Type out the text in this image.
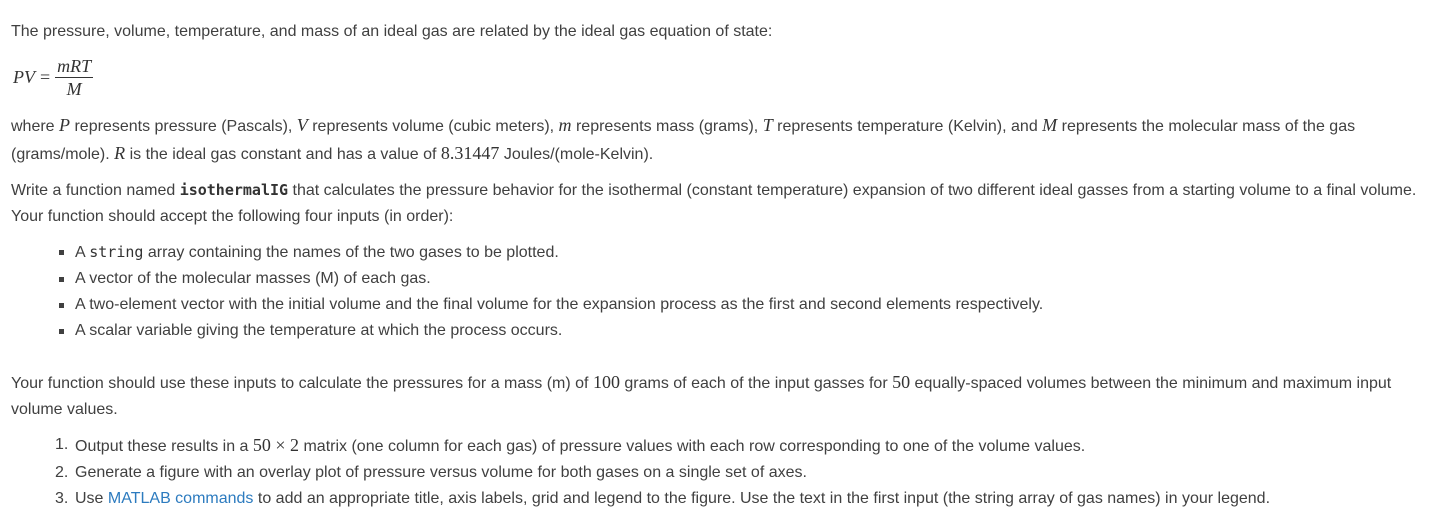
The pressure, volume, temperature, and mass of an ideal gas are related by the ideal gas equation of state:

PV = $\frac{\text{mRT}}{M}$

where P represents pressure (Pascals), V represents volume (cubic meters), m represents mass (grams), T represents temperature (Kelvin), and M represents the molecular mass of the gas (grams/mole). R is the ideal gas constant and has a value of 8.31447 Joules/(mole-Kelvin).

Write a function named isothermalIG that calculates the pressure behavior for the isothermal (constant temperature) expansion of two different ideal gasses from a starting volume to a final volume. Your function should accept the following four inputs (in order):

A string array containing the names of the two gases to be plotted.
A vector of the molecular masses (M) of each gas.
A two-element vector with the initial volume and the final volume for the expansion process as the first and second elements respectively.
A scalar variable giving the temperature at which the process occurs.

Your function should use these inputs to calculate the pressures for a mass (m) of 100 grams of each of the input gasses for 50 equally-spaced volumes between the minimum and maximum input volume values.

1. Output these results in a 50 × 2 matrix (one column for each gas) of pressure values with each row corresponding to one of the volume values.
2. Generate a figure with an overlay plot of pressure versus volume for both gases on a single set of axes.
3. Use MATLAB commands to add an appropriate title, axis labels, grid and legend to the figure. Use the text in the first input (the string array of gas names) in your legend.
